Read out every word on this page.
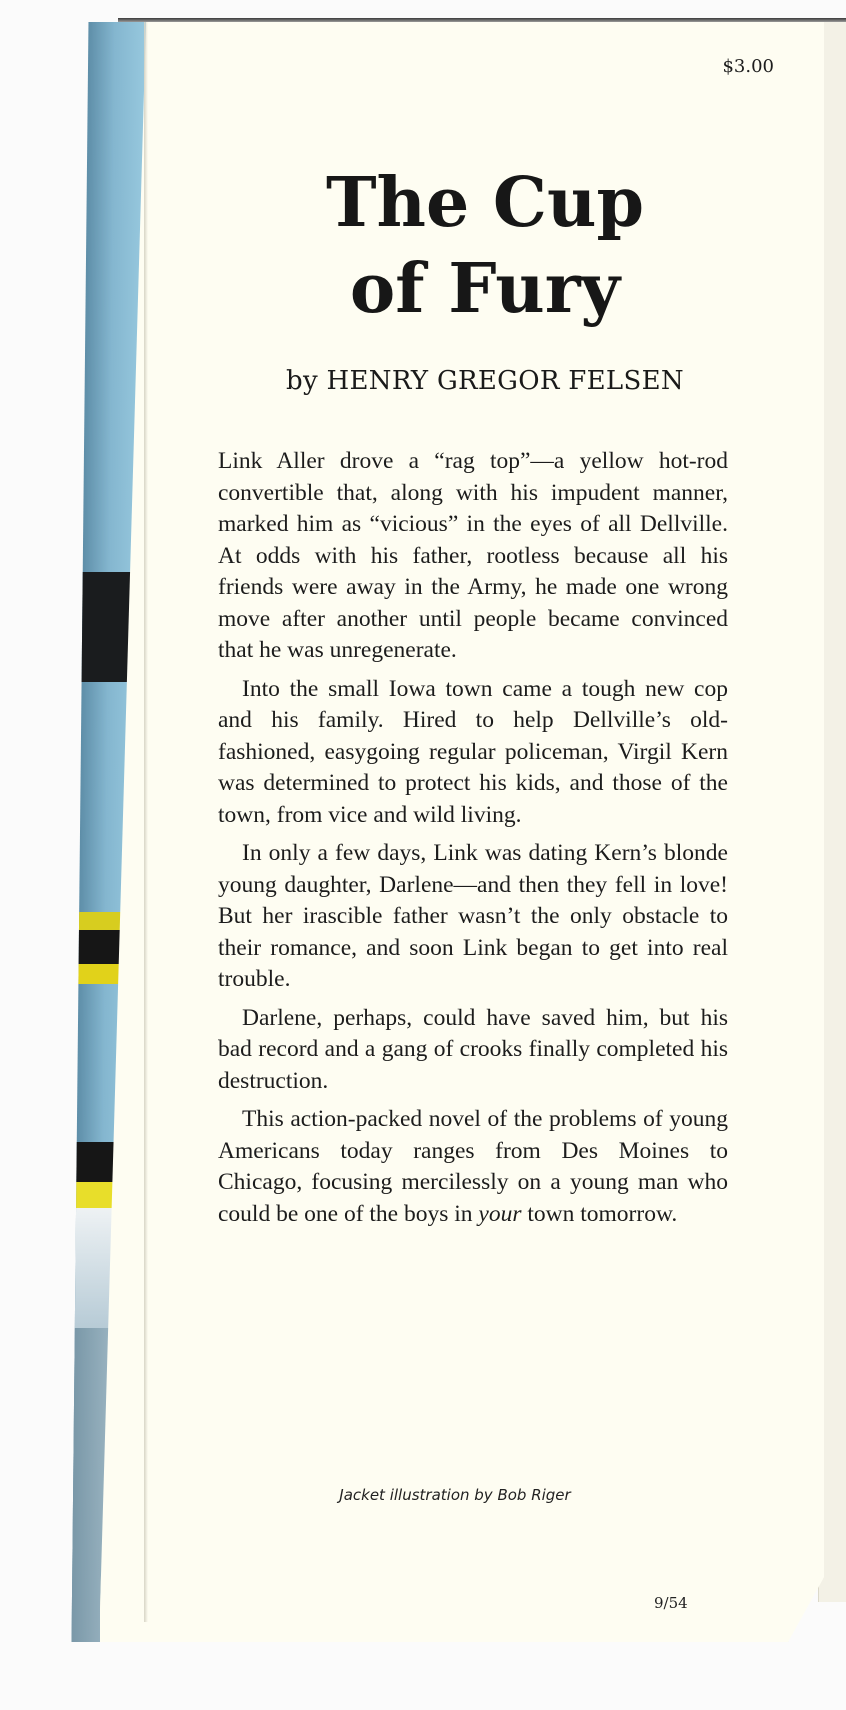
$3.00
The Cup
of Fury
by HENRY GREGOR FELSEN

Link Aller drove a “rag top”—a yellow hot-rod convertible that, along with his impudent manner, marked him as “vicious” in the eyes of all Dellville. At odds with his father, rootless because all his friends were away in the Army, he made one wrong move after another until people became convinced that he was unregenerate.

Into the small Iowa town came a tough new cop and his family. Hired to help Dellville’s old-fashioned, easygoing regular policeman, Virgil Kern was determined to protect his kids, and those of the town, from vice and wild living.

In only a few days, Link was dating Kern’s blonde young daughter, Darlene—and then they fell in love! But her irascible father wasn’t the only obstacle to their romance, and soon Link began to get into real trouble.

Darlene, perhaps, could have saved him, but his bad record and a gang of crooks finally completed his destruction.

This action-packed novel of the problems of young Americans today ranges from Des Moines to Chicago, focusing mercilessly on a young man who could be one of the boys in your town tomorrow.

Jacket illustration by Bob Riger
9/54
